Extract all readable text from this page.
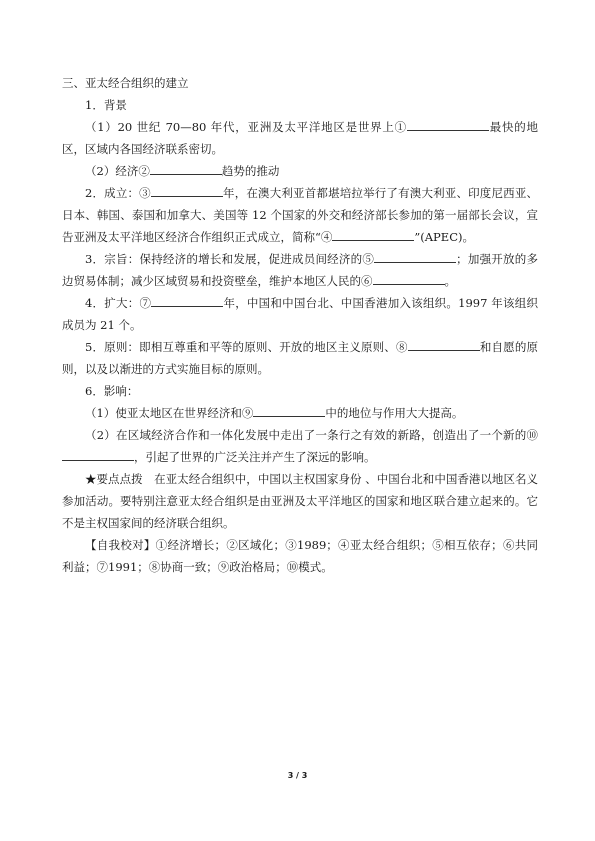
三、亚太经合组织的建立

1．背景

（1）20 世纪 70—80 年代，亚洲及太平洋地区是世界上①	最快的地区，区域内各国经济联系密切。

（2）经济②	趋势的推动

2．成立：③	年，在澳大利亚首都堪培拉举行了有澳大利亚、印度尼西亚、日本、韩国、泰国和加拿大、美国等 12 个国家的外交和经济部长参加的第一届部长会议，宣告亚洲及太平洋地区经济合作组织正式成立，简称“④	”(APEC)。

3．宗旨：保持经济的增长和发展，促进成员间经济的⑤	；加强开放的多边贸易体制；减少区域贸易和投资壁垒，维护本地区人民的⑥	。

4．扩大：⑦	年，中国和中国台北、中国香港加入该组织。1997 年该组织成员为 21 个。

5．原则：即相互尊重和平等的原则、开放的地区主义原则、⑧	和自愿的原则，以及以渐进的方式实施目标的原则。

6．影响：

（1）使亚太地区在世界经济和⑨	中的地位与作用大大提高。

（2）在区域经济合作和一体化发展中走出了一条行之有效的新路，创造出了一个新的⑩，引起了世界的广泛关注并产生了深远的影响。

★要点点拨　在亚太经合组织中，中国以主权国家身份 、中国台北和中国香港以地区名义参加活动。要特别注意亚太经合组织是由亚洲及太平洋地区的国家和地区联合建立起来的。它不是主权国家间的经济联合组织。

【自我校对】①经济增长；②区域化；③1989；④亚太经合组织；⑤相互依存；⑥共同利益；⑦1991；⑧协商一致；⑨政治格局；⑩模式。

3 / 3
